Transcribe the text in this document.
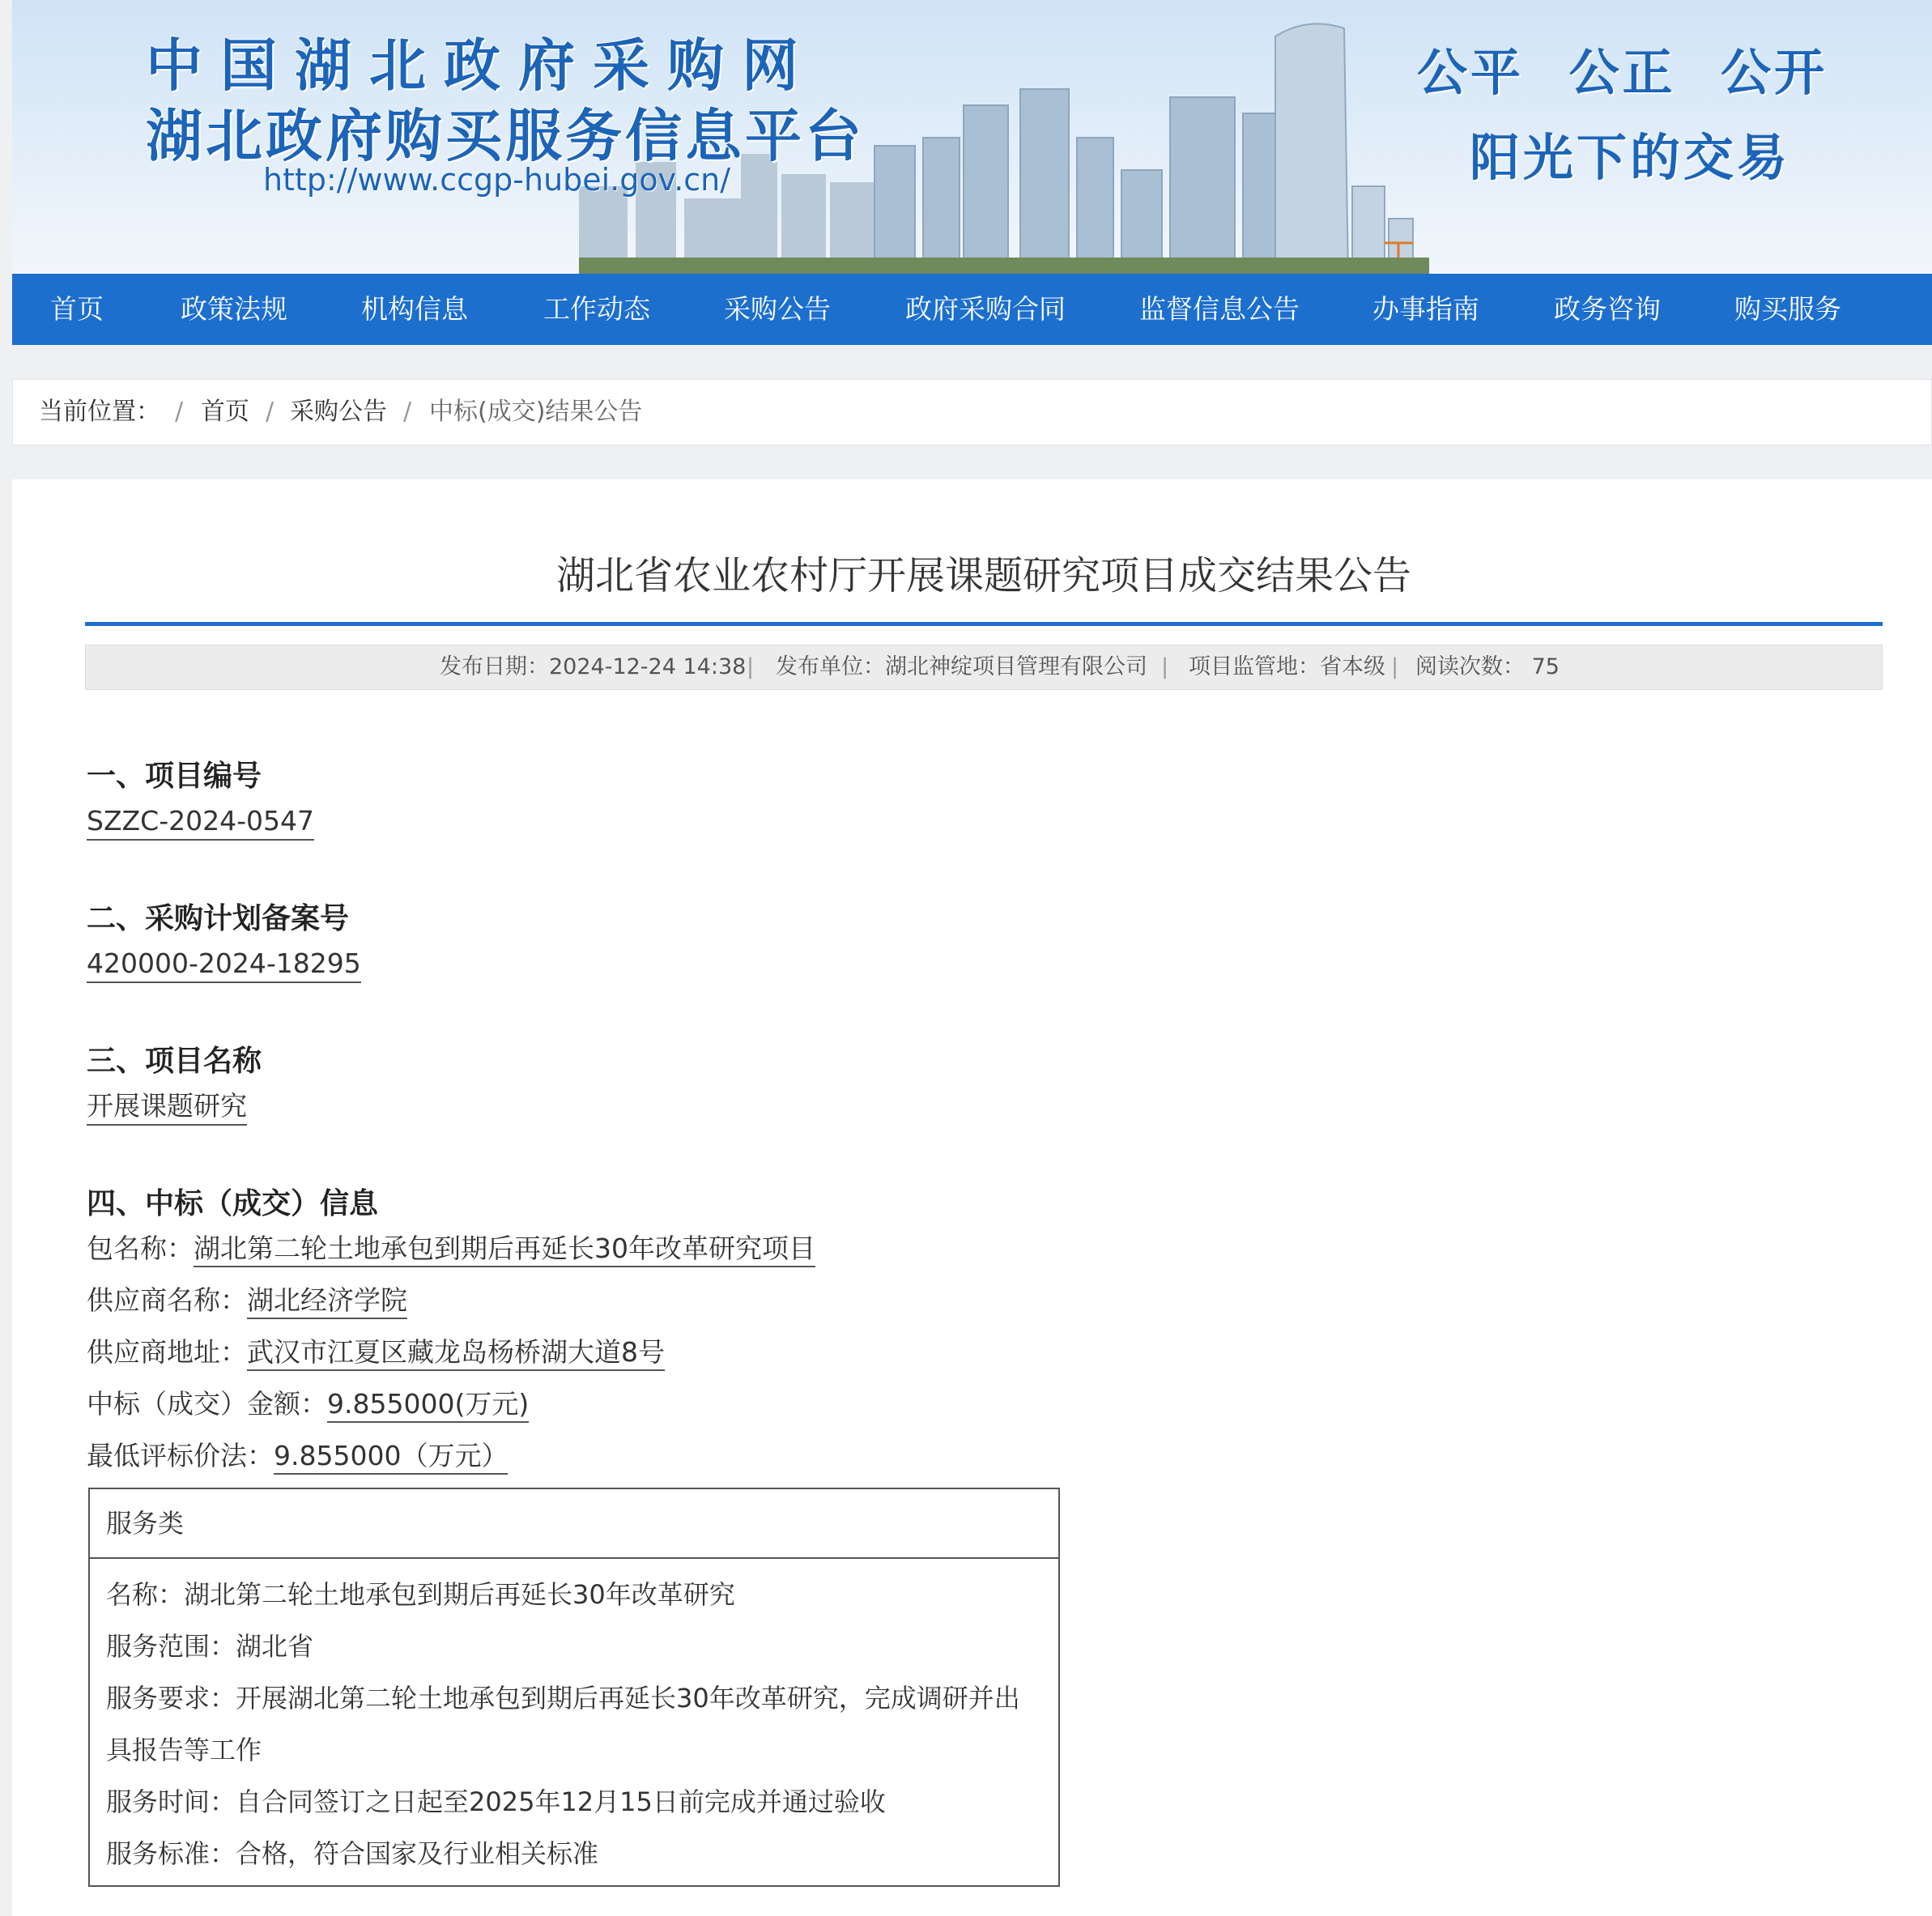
中国湖北政府采购网
湖北政府购买服务信息平台
http://www.ccgp-hubei.gov.cn/
公平 公正 公开
阳光下的交易
首页	政策法规	机构信息	工作动态	采购公告	政府采购合同	监督信息公告	办事指南	政务咨询	购买服务
当前位置： / 首页 / 采购公告 / 中标(成交)结果公告
湖北省农业农村厅开展课题研究项目成交结果公告
发布日期：2024-12-24 14:38 | 发布单位：湖北神绽项目管理有限公司 | 项目监管地：省本级 | 阅读次数： 75
一、项目编号
SZZC-2024-0547
二、采购计划备案号
420000-2024-18295
三、项目名称
开展课题研究
四、中标（成交）信息
包名称：湖北第二轮土地承包到期后再延长30年改革研究项目
供应商名称：湖北经济学院
供应商地址：武汉市江夏区藏龙岛杨桥湖大道8号
中标（成交）金额：9.855000(万元)
最低评标价法：9.855000（万元）
服务类
名称：湖北第二轮土地承包到期后再延长30年改革研究
服务范围：湖北省
服务要求：开展湖北第二轮土地承包到期后再延长30年改革研究，完成调研并出
具报告等工作
服务时间：自合同签订之日起至2025年12月15日前完成并通过验收
服务标准：合格，符合国家及行业相关标准
